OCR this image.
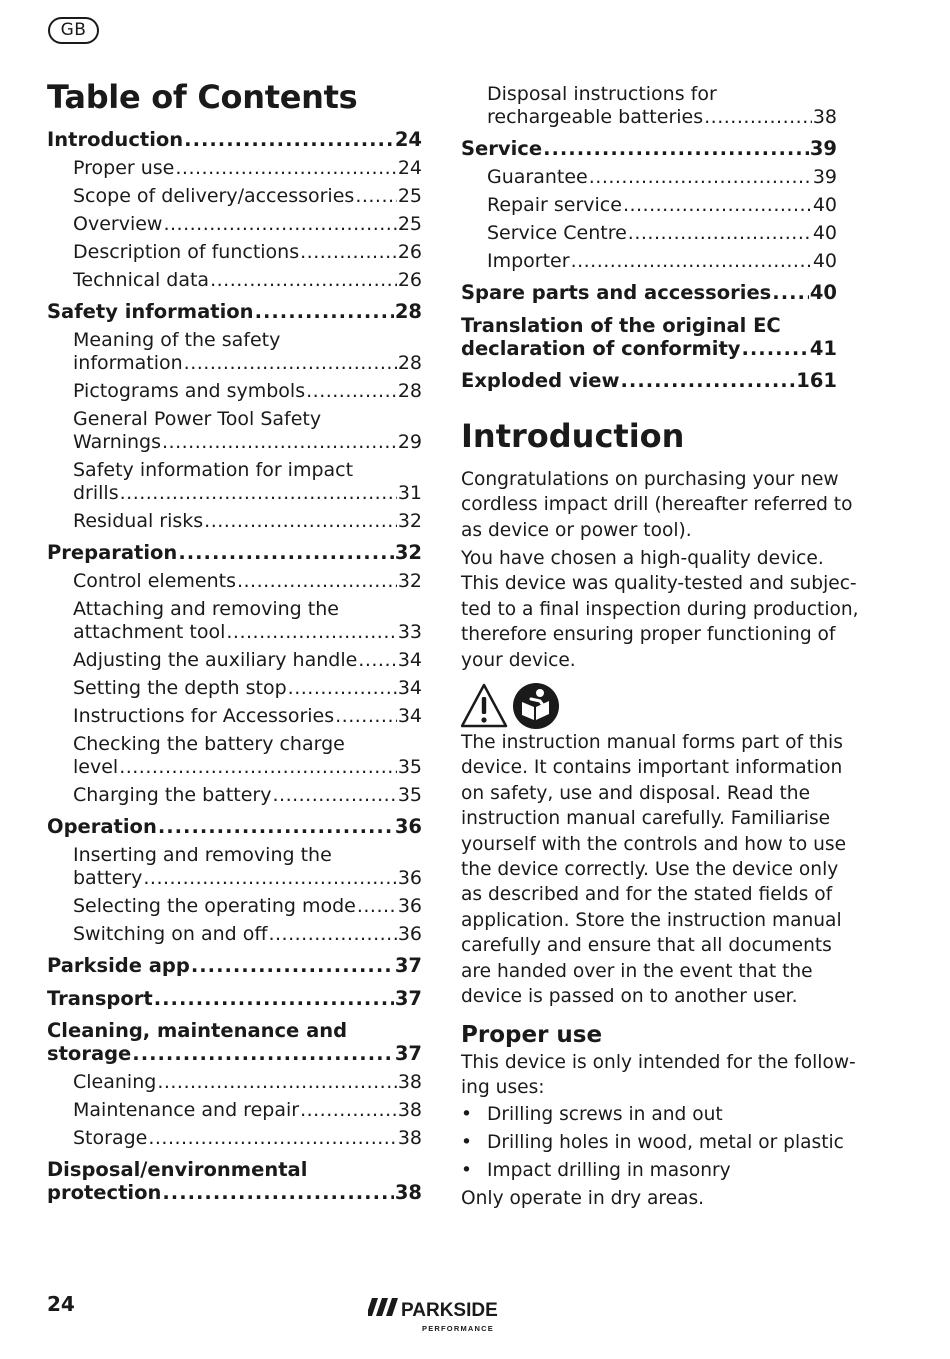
GB
Table of Contents
Introduction .....	24
Proper use .....	24
Scope of delivery/accessories ..... 25
Overview .....	25
Description of functions .....	26
Technical data .....	26
Safety information .....	28
Meaning of the safety
information .....	28
Pictograms and symbols .....	28
General Power Tool Safety
Warnings .....	29
Safety information for impact
drills .....	31
Residual risks .....	32
Preparation .....	32
Control elements .....	32
Attaching and removing the
attachment tool .....	33
Adjusting the auxiliary handle ..... 34
Setting the depth stop .....	34
Instructions for Accessories .....	34
Checking the battery charge
level .....	35
Charging the battery .....	35
Operation .....	36
Inserting and removing the
battery .....	36
Selecting the operating mode ..... 36
Switching on and off .....	36
Parkside app .....	37
Transport .....	37
Cleaning, maintenance and
storage .....	37
Cleaning .....	38
Maintenance and repair .....	38
Storage .....	38
Disposal/environmental
protection .....	38
Disposal instructions for
rechargeable batteries .....	38
Service .....	39
Guarantee .....	39
Repair service .....	40
Service Centre .....	40
Importer .....	40
Spare parts and accessories ..... 40
Translation of the original EC
declaration of conformity .....	41
Exploded view .....	161
Introduction
Congratulations on purchasing your new
cordless impact drill (hereafter referred to
as device or power tool).
You have chosen a high-quality device.
This device was quality-tested and subjec-
ted to a final inspection during production,
therefore ensuring proper functioning of
your device.
The instruction manual forms part of this
device. It contains important information
on safety, use and disposal. Read the
instruction manual carefully. Familiarise
yourself with the controls and how to use
the device correctly. Use the device only
as described and for the stated fields of
application. Store the instruction manual
carefully and ensure that all documents
are handed over in the event that the
device is passed on to another user.
Proper use
This device is only intended for the follow-
ing uses:
• Drilling screws in and out
• Drilling holes in wood, metal or plastic
• Impact drilling in masonry
Only operate in dry areas.
24	PARKSIDE
PERFORMANCE
